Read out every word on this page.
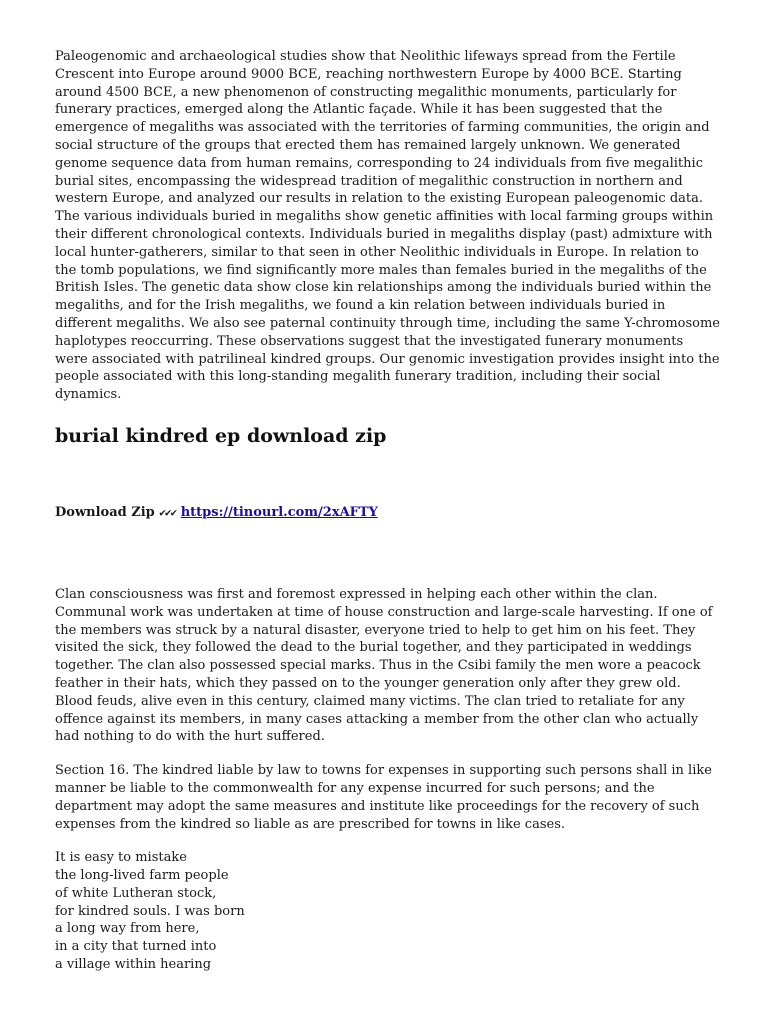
Paleogenomic and archaeological studies show that Neolithic lifeways spread from the Fertile Crescent into Europe around 9000 BCE, reaching northwestern Europe by 4000 BCE. Starting around 4500 BCE, a new phenomenon of constructing megalithic monuments, particularly for funerary practices, emerged along the Atlantic façade. While it has been suggested that the emergence of megaliths was associated with the territories of farming communities, the origin and social structure of the groups that erected them has remained largely unknown. We generated genome sequence data from human remains, corresponding to 24 individuals from five megalithic burial sites, encompassing the widespread tradition of megalithic construction in northern and western Europe, and analyzed our results in relation to the existing European paleogenomic data. The various individuals buried in megaliths show genetic affinities with local farming groups within their different chronological contexts. Individuals buried in megaliths display (past) admixture with local hunter-gatherers, similar to that seen in other Neolithic individuals in Europe. In relation to the tomb populations, we find significantly more males than females buried in the megaliths of the British Isles. The genetic data show close kin relationships among the individuals buried within the megaliths, and for the Irish megaliths, we found a kin relation between individuals buried in different megaliths. We also see paternal continuity through time, including the same Y-chromosome haplotypes reoccurring. These observations suggest that the investigated funerary monuments were associated with patrilineal kindred groups. Our genomic investigation provides insight into the people associated with this long-standing megalith funerary tradition, including their social dynamics.

burial kindred ep download zip
Download Zip ✔✔✔ https://tinourl.com/2xAFTY

Clan consciousness was first and foremost expressed in helping each other within the clan. Communal work was undertaken at time of house construction and large-scale harvesting. If one of the members was struck by a natural disaster, everyone tried to help to get him on his feet. They visited the sick, they followed the dead to the burial together, and they participated in weddings together. The clan also possessed special marks. Thus in the Csibi family the men wore a peacock feather in their hats, which they passed on to the younger generation only after they grew old. Blood feuds, alive even in this century, claimed many victims. The clan tried to retaliate for any offence against its members, in many cases attacking a member from the other clan who actually had nothing to do with the hurt suffered.

Section 16. The kindred liable by law to towns for expenses in supporting such persons shall in like manner be liable to the commonwealth for any expense incurred for such persons; and the department may adopt the same measures and institute like proceedings for the recovery of such expenses from the kindred so liable as are prescribed for towns in like cases.

It is easy to mistake

the long-lived farm people

of white Lutheran stock,

for kindred souls. I was born

a long way from here,

in a city that turned into

a village within hearing
